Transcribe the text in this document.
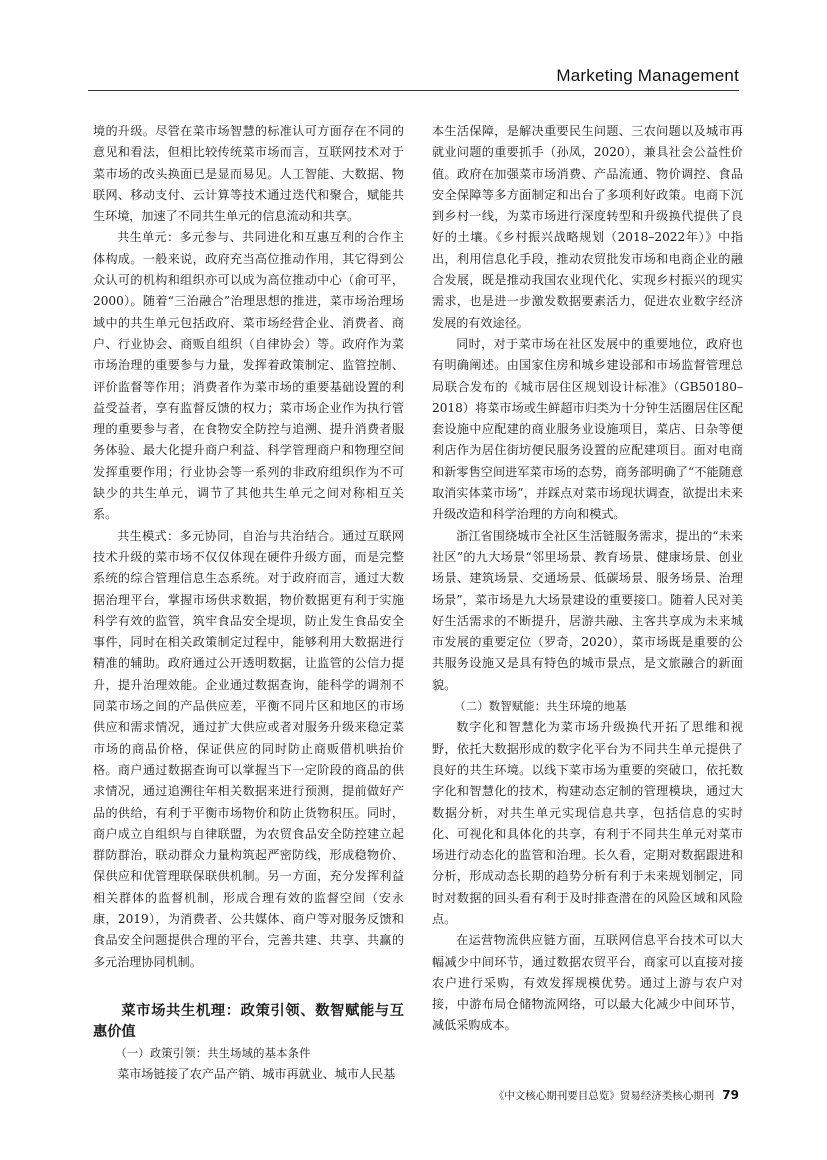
Marketing Management

境的升级。尽管在菜市场智慧的标准认可方面存在不同的意见和看法，但相比较传统菜市场而言，互联网技术对于菜市场的改头换面已是显而易见。人工智能、大数据、物联网、移动支付、云计算等技术通过迭代和聚合，赋能共生环境，加速了不同共生单元的信息流动和共享。

共生单元：多元参与、共同进化和互惠互利的合作主体构成。一般来说，政府充当高位推动作用，其它得到公众认可的机构和组织亦可以成为高位推动中心（俞可平，2000）。随着“三治融合”治理思想的推进，菜市场治理场域中的共生单元包括政府、菜市场经营企业、消费者、商户、行业协会、商贩自组织（自律协会）等。政府作为菜市场治理的重要参与力量，发挥着政策制定、监管控制、评价监督等作用；消费者作为菜市场的重要基础设置的利益受益者，享有监督反馈的权力；菜市场企业作为执行管理的重要参与者，在食物安全防控与追溯、提升消费者服务体验、最大化提升商户利益、科学管理商户和物理空间发挥重要作用；行业协会等一系列的非政府组织作为不可缺少的共生单元，调节了其他共生单元之间对称相互关系。

共生模式：多元协同，自治与共治结合。通过互联网技术升级的菜市场不仅仅体现在硬件升级方面，而是完整系统的综合管理信息生态系统。对于政府而言，通过大数据治理平台，掌握市场供求数据，物价数据更有利于实施科学有效的监管，筑牢食品安全堤坝，防止发生食品安全事件，同时在相关政策制定过程中，能够利用大数据进行精准的辅助。政府通过公开透明数据，让监管的公信力提升，提升治理效能。企业通过数据查询，能科学的调剂不同菜市场之间的产品供应差，平衡不同片区和地区的市场供应和需求情况，通过扩大供应或者对服务升级来稳定菜市场的商品价格，保证供应的同时防止商贩借机哄抬价格。商户通过数据查询可以掌握当下一定阶段的商品的供求情况，通过追溯往年相关数据来进行预测，提前做好产品的供给，有利于平衡市场物价和防止货物积压。同时，商户成立自组织与自律联盟，为农贸食品安全防控建立起群防群治，联动群众力量构筑起严密防线，形成稳物价、保供应和优管理联保联供机制。另一方面，充分发挥利益相关群体的监督机制，形成合理有效的监督空间（安永康，2019），为消费者、公共媒体、商户等对服务反馈和食品安全问题提供合理的平台，完善共建、共享、共赢的多元治理协同机制。

菜市场共生机理：政策引领、数智赋能与互惠价值
（一）政策引领：共生场域的基本条件

菜市场链接了农产品产销、城市再就业、城市人民基

本生活保障，是解决重要民生问题、三农问题以及城市再就业问题的重要抓手（孙凤，2020），兼具社会公益性价值。政府在加强菜市场消费、产品流通、物价调控、食品安全保障等多方面制定和出台了多项利好政策。电商下沉到乡村一线，为菜市场进行深度转型和升级换代提供了良好的土壤。《乡村振兴战略规划（2018–2022年）》中指出，利用信息化手段，推动农贸批发市场和电商企业的融合发展，既是推动我国农业现代化、实现乡村振兴的现实需求，也是进一步激发数据要素活力，促进农业数字经济发展的有效途径。

同时，对于菜市场在社区发展中的重要地位，政府也有明确阐述。由国家住房和城乡建设部和市场监督管理总局联合发布的《城市居住区规划设计标准》（GB50180–2018）将菜市场或生鲜超市归类为十分钟生活圈居住区配套设施中应配建的商业服务业设施项目，菜店、日杂等便利店作为居住街坊便民服务设置的应配建项目。面对电商和新零售空间进军菜市场的态势，商务部明确了“不能随意取消实体菜市场”，并踩点对菜市场现状调查，欲提出未来升级改造和科学治理的方向和模式。

浙江省围绕城市全社区生活链服务需求，提出的“未来社区”的九大场景“邻里场景、教育场景、健康场景、创业场景、建筑场景、交通场景、低碳场景、服务场景、治理场景”，菜市场是九大场景建设的重要接口。随着人民对美好生活需求的不断提升，居游共融、主客共享成为未来城市发展的重要定位（罗奇，2020），菜市场既是重要的公共服务设施又是具有特色的城市景点，是文旅融合的新面貌。

（二）数智赋能：共生环境的地基

数字化和智慧化为菜市场升级换代开拓了思维和视野，依托大数据形成的数字化平台为不同共生单元提供了良好的共生环境。以线下菜市场为重要的突破口，依托数字化和智慧化的技术，构建动态定制的管理模块，通过大数据分析，对共生单元实现信息共享，包括信息的实时化、可视化和具体化的共享，有利于不同共生单元对菜市场进行动态化的监管和治理。长久看，定期对数据跟进和分析，形成动态长期的趋势分析有利于未来规划制定，同时对数据的回头看有利于及时排查潜在的风险区域和风险点。

在运营物流供应链方面，互联网信息平台技术可以大幅减少中间环节，通过数据农贸平台，商家可以直接对接农户进行采购，有效发挥规模优势。通过上游与农户对接，中游布局仓储物流网络，可以最大化减少中间环节，减低采购成本。

《中文核心期刊要目总览》贸易经济类核心期刊 79
